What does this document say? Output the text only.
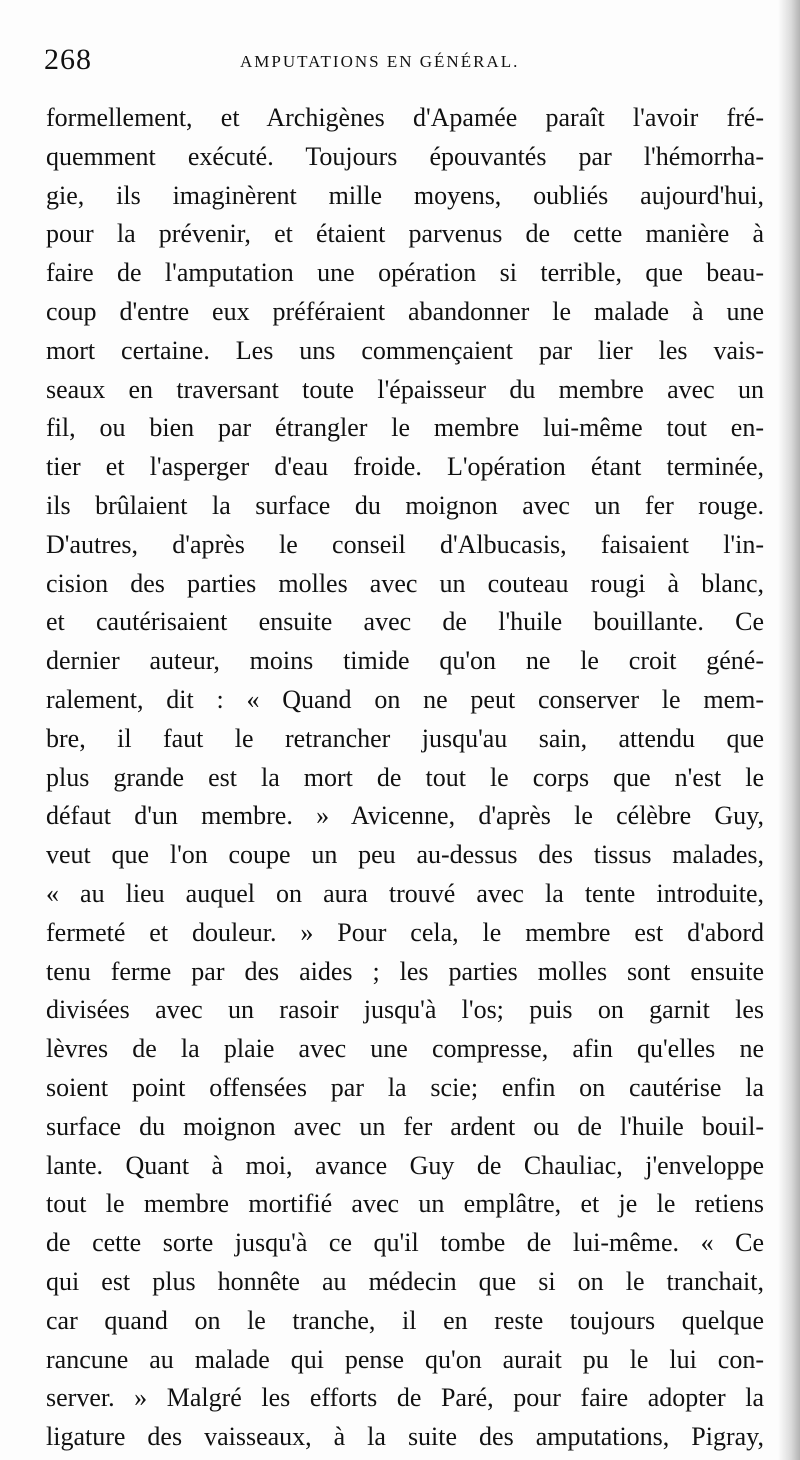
268	AMPUTATIONS EN GÉNÉRAL.
formellement, et Archigènes d'Apamée paraît l'avoir fré-
quemment exécuté. Toujours épouvantés par l'hémorrha-
gie, ils imaginèrent mille moyens, oubliés aujourd'hui,
pour la prévenir, et étaient parvenus de cette manière à
faire de l'amputation une opération si terrible, que beau-
coup d'entre eux préféraient abandonner le malade à une
mort certaine. Les uns commençaient par lier les vais-
seaux en traversant toute l'épaisseur du membre avec un
fil, ou bien par étrangler le membre lui-même tout en-
tier et l'asperger d'eau froide. L'opération étant terminée,
ils brûlaient la surface du moignon avec un fer rouge.
D'autres, d'après le conseil d'Albucasis, faisaient l'in-
cision des parties molles avec un couteau rougi à blanc,
et cautérisaient ensuite avec de l'huile bouillante. Ce
dernier auteur, moins timide qu'on ne le croit géné-
ralement, dit : « Quand on ne peut conserver le mem-
bre, il faut le retrancher jusqu'au sain, attendu que
plus grande est la mort de tout le corps que n'est le
défaut d'un membre. » Avicenne, d'après le célèbre Guy,
veut que l'on coupe un peu au-dessus des tissus malades,
« au lieu auquel on aura trouvé avec la tente introduite,
fermeté et douleur. » Pour cela, le membre est d'abord
tenu ferme par des aides ; les parties molles sont ensuite
divisées avec un rasoir jusqu'à l'os; puis on garnit les
lèvres de la plaie avec une compresse, afin qu'elles ne
soient point offensées par la scie; enfin on cautérise la
surface du moignon avec un fer ardent ou de l'huile bouil-
lante. Quant à moi, avance Guy de Chauliac, j'enveloppe
tout le membre mortifié avec un emplâtre, et je le retiens
de cette sorte jusqu'à ce qu'il tombe de lui-même. « Ce
qui est plus honnête au médecin que si on le tranchait,
car quand on le tranche, il en reste toujours quelque
rancune au malade qui pense qu'on aurait pu le lui con-
server. » Malgré les efforts de Paré, pour faire adopter la
ligature des vaisseaux, à la suite des amputations, Pigray,
